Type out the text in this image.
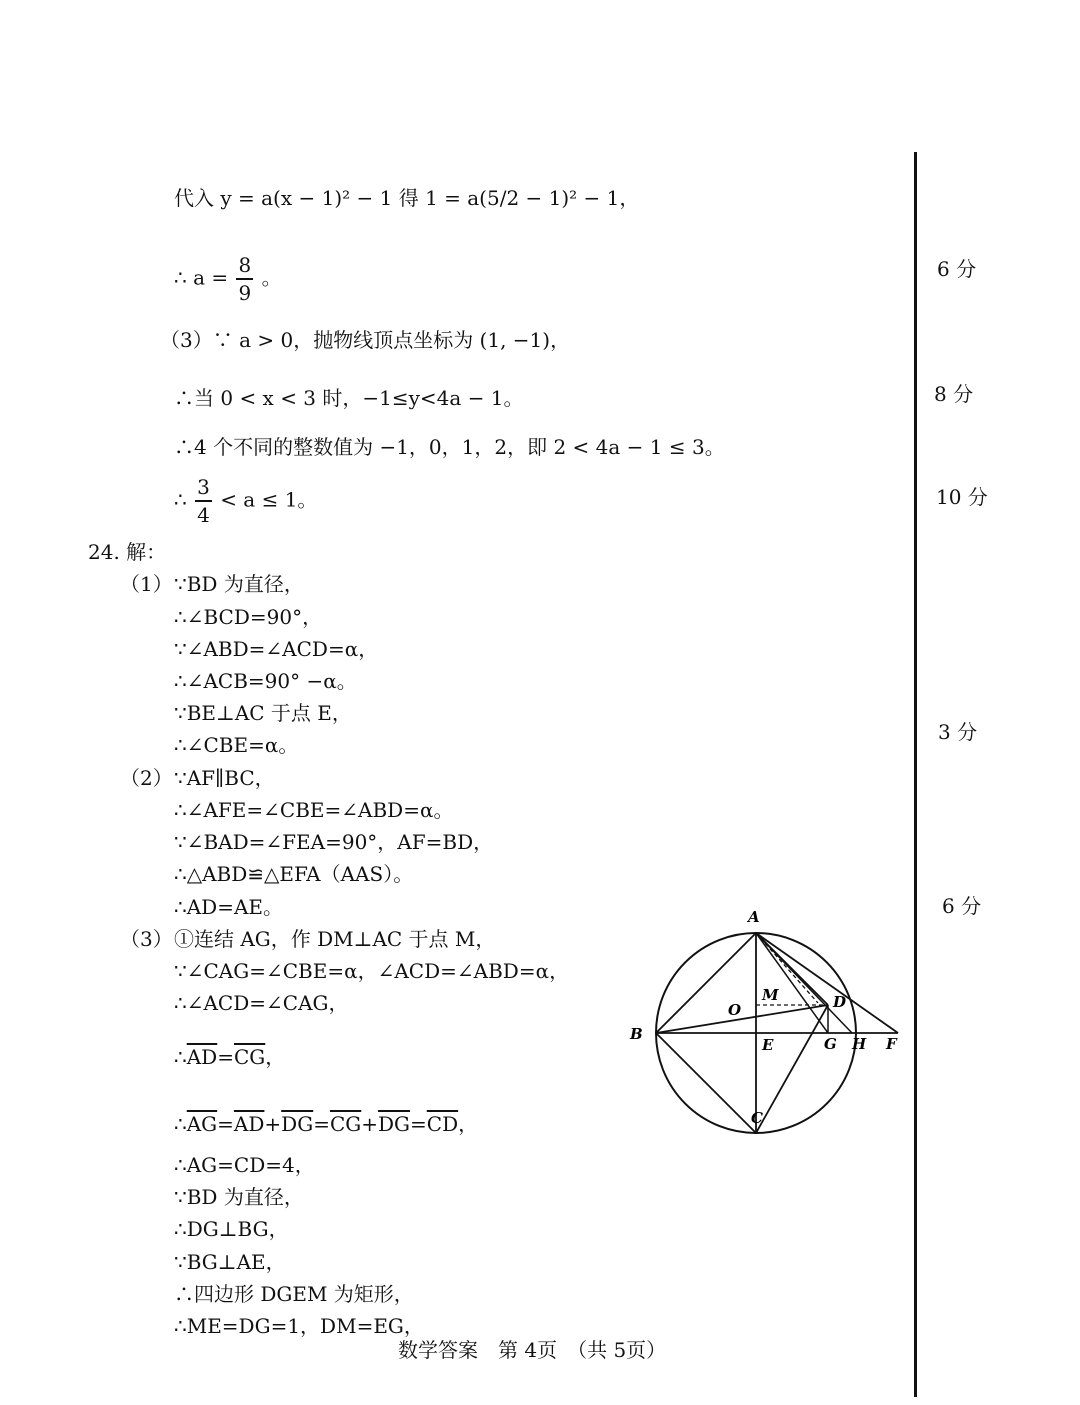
代入 y = a(x − 1)² − 1 得 1 = a(5/2 − 1)² − 1，
∴ $a = \frac{8}{9}$ 。
（3）∵ a > 0，抛物线顶点坐标为 (1, −1)，
∴当 0 < x < 3 时，−1≤y<4a − 1。
∴4 个不同的整数值为 −1，0，1，2，即 2 < 4a − 1 ≤ 3。
∴ $\frac{3}{4} < a \le 1$。
6 分
8 分
10 分
3 分
6 分
24. 解：
（1） ∵BD 为直径，
∴∠BCD=90°，
∵∠ABD=∠ACD=α，
∴∠ACB=90° −α。
∵BE⊥AC 于点 E，
∴∠CBE=α。
（2） ∵AF∥BC，
∴∠AFE=∠CBE=∠ABD=α。
∵∠BAD=∠FEA=90°，AF=BD，
∴△ABD≌△EFA（AAS）。
∴AD=AE。
（3） ①连结 AG，作 DM⊥AC 于点 M，
∵∠CAG=∠CBE=α，∠ACD=∠ABD=α，
∴∠ACD=∠CAG，
$\therefore\overline{AD}=\overline{CG}$，
$\therefore\overline{AG}=\overline{AD}+\overline{DG}=\overline{CG}+\overline{DG}=\overline{CD}$，
∴AG=CD=4，
∵BD 为直径，
∴DG⊥BG，
∵BG⊥AE，
∴四边形 DGEM 为矩形，
∴ME=DG=1，DM=EG，
A
B
C
D
E	F
G H
M
O
数学答案　第 4页　（共 5页）
